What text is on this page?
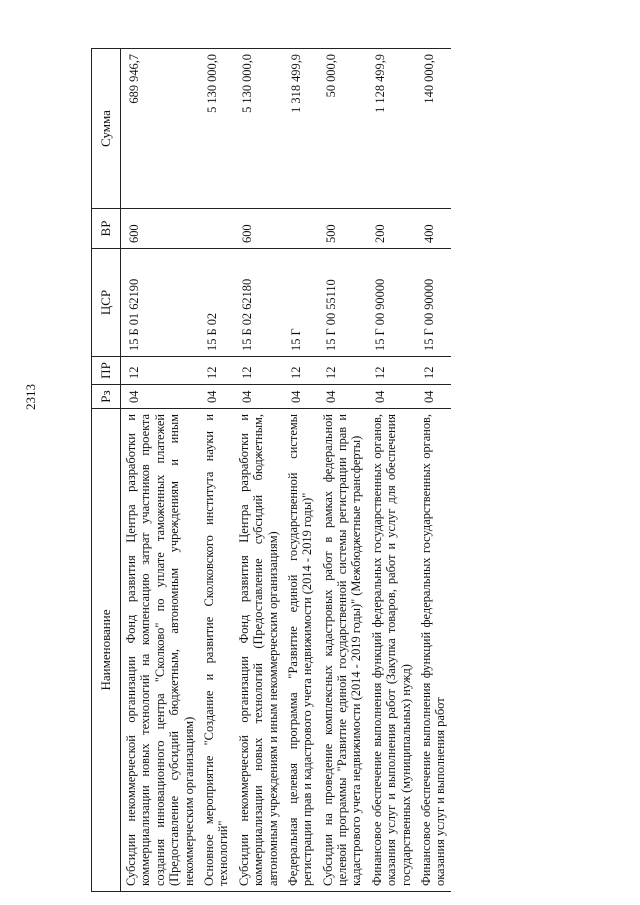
2313
Наименование	Рз	ПР	ЦСР	ВР	Сумма
Субсидии некоммерческой организации Фонд развития Центра разработки и коммерциализации новых технологий на компенсацию затрат участников проекта создания инновационного центра "Сколково" по уплате таможенных платежей (Предоставление субсидий бюджетным, автономным учреждениям и иным некоммерческим организациям)	04	12	15 Б 01 62190	600	689 946,7
Основное мероприятие "Создание и развитие Сколковского института науки и технологий"	04	12	15 Б 02		5 130 000,0
Субсидии некоммерческой организации Фонд развития Центра разработки и коммерциализации новых технологий (Предоставление субсидий бюджетным, автономным учреждениям и иным некоммерческим организациям)	04	12	15 Б 02 62180	600	5 130 000,0
Федеральная целевая программа "Развитие единой государственной системы регистрации прав и кадастрового учета недвижимости (2014 - 2019 годы)"	04	12	15 Г		1 318 499,9
Субсидии на проведение комплексных кадастровых работ в рамках федеральной целевой программы "Развитие единой государственной системы регистрации прав и кадастрового учета недвижимости (2014 - 2019 годы)" (Межбюджетные трансферты)	04	12	15 Г 00 55110	500	50 000,0
Финансовое обеспечение выполнения функций федеральных государственных органов, оказания услуг и выполнения работ (Закупка товаров, работ и услуг для обеспечения государственных (муниципальных) нужд)	04	12	15 Г 00 90000	200	1 128 499,9
Финансовое обеспечение выполнения функций федеральных государственных органов, оказания услуг и выполнения работ	04	12	15 Г 00 90000	400	140 000,0
